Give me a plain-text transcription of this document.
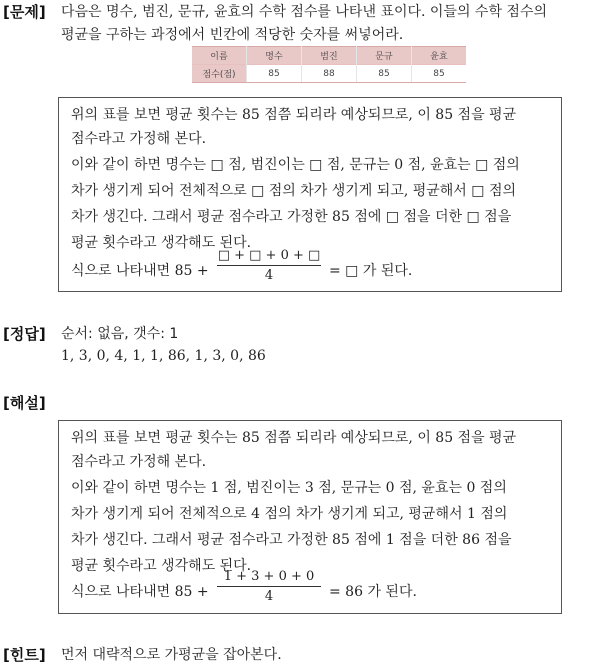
[문제] 다음은 명수, 범진, 문규, 윤효의 수학 점수를 나타낸 표이다. 이들의 수학 점수의
평균을 구하는 과정에서 빈칸에 적당한 숫자를 써넣어라.
이름	명수	범진	문규	윤효
점수(점)	85	88	85	85
위의 표를 보면 평균 횟수는 85 점쯤 되리라 예상되므로, 이 85 점을 평균
점수라고 가정해 본다.
이와 같이 하면 명수는 □ 점, 범진이는 □ 점, 문규는 0 점, 윤효는 □ 점의
차가 생기게 되어 전체적으로 □ 점의 차가 생기게 되고, 평균해서 □ 점의
차가 생긴다. 그래서 평균 점수라고 가정한 85 점에 □ 점을 더한 □ 점을
평균 횟수라고 생각해도 된다.
식으로 나타내면 85 +
□ + □ + 0 + □
4	= □ 가 된다.
[정답] 순서: 없음, 갯수: 1
1, 3, 0, 4, 1, 1, 86, 1, 3, 0, 86
[해설]
위의 표를 보면 평균 횟수는 85 점쯤 되리라 예상되므로, 이 85 점을 평균
점수라고 가정해 본다.
이와 같이 하면 명수는 1 점, 범진이는 3 점, 문규는 0 점, 윤효는 0 점의
차가 생기게 되어 전체적으로 4 점의 차가 생기게 되고, 평균해서 1 점의
차가 생긴다. 그래서 평균 점수라고 가정한 85 점에 1 점을 더한 86 점을
평균 횟수라고 생각해도 된다.
식으로 나타내면 85 +
1 + 3 + 0 + 0
4	= 86 가 된다.
[힌트] 먼저 대략적으로 가평균을 잡아본다.
